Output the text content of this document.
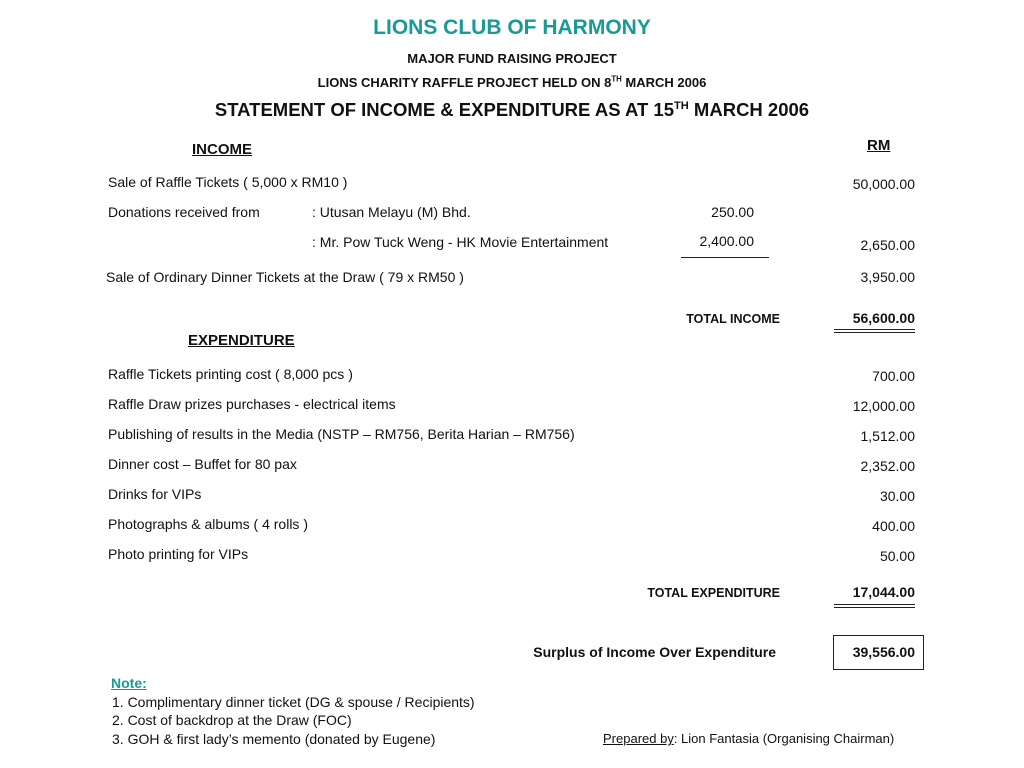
LIONS CLUB OF HARMONY
MAJOR FUND RAISING PROJECT
LIONS CHARITY RAFFLE PROJECT HELD ON 8TH MARCH 2006
STATEMENT OF INCOME & EXPENDITURE AS AT 15TH MARCH 2006
RM
INCOME
Sale of Raffle Tickets ( 5,000 x RM10 )	50,000.00
Donations received from	: Utusan Melayu (M) Bhd.	250.00
: Mr. Pow Tuck Weng - HK Movie Entertainment	2,400.00	2,650.00
Sale of Ordinary Dinner Tickets at the Draw ( 79 x RM50 )	3,950.00
TOTAL INCOME	56,600.00
EXPENDITURE
Raffle Tickets printing cost ( 8,000 pcs )	700.00
Raffle Draw prizes purchases - electrical items	12,000.00
Publishing of results in the Media (NSTP – RM756, Berita Harian – RM756)	1,512.00
Dinner cost – Buffet for 80 pax	2,352.00
Drinks for VIPs	30.00
Photographs & albums ( 4 rolls )	400.00
Photo printing for VIPs	50.00
TOTAL EXPENDITURE	17,044.00
Surplus of Income Over Expenditure	39,556.00
Note:
1. Complimentary dinner ticket (DG & spouse / Recipients)
2. Cost of backdrop at the Draw (FOC)
3. GOH & first lady’s memento (donated by Eugene)	Prepared by: Lion Fantasia (Organising Chairman)
